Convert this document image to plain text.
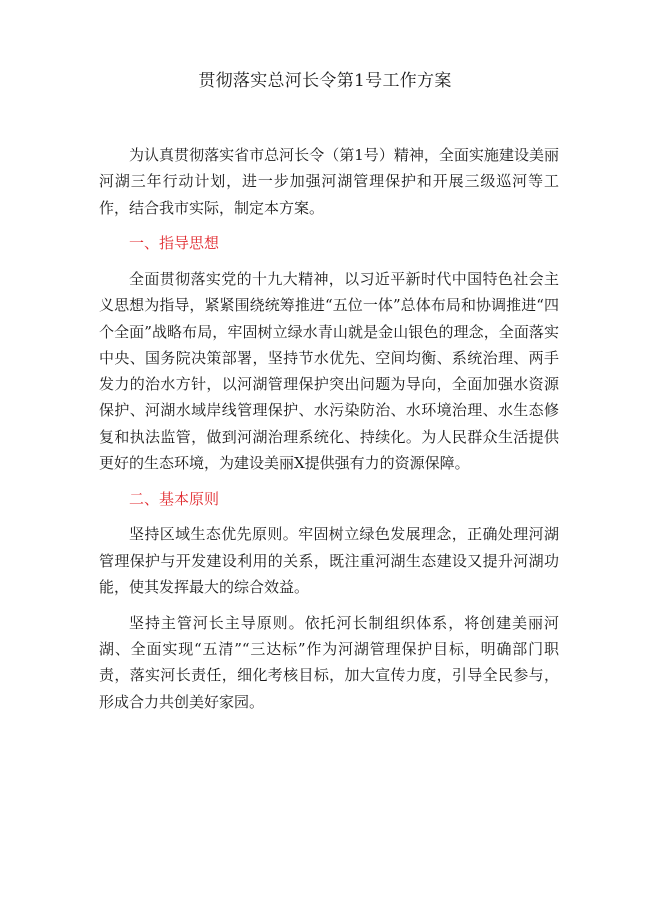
贯彻落实总河长令第1号工作方案

为认真贯彻落实省市总河长令（第1号）精神，全面实施建设美丽河湖三年行动计划，进一步加强河湖管理保护和开展三级巡河等工作，结合我市实际，制定本方案。

一、指导思想

全面贯彻落实党的十九大精神，以习近平新时代中国特色社会主义思想为指导，紧紧围绕统筹推进“五位一体”总体布局和协调推进“四个全面”战略布局，牢固树立绿水青山就是金山银色的理念，全面落实中央、国务院决策部署，坚持节水优先、空间均衡、系统治理、两手发力的治水方针，以河湖管理保护突出问题为导向，全面加强水资源保护、河湖水域岸线管理保护、水污染防治、水环境治理、水生态修复和执法监管，做到河湖治理系统化、持续化。为人民群众生活提供更好的生态环境，为建设美丽X提供强有力的资源保障。

二、基本原则

坚持区域生态优先原则。牢固树立绿色发展理念，正确处理河湖管理保护与开发建设利用的关系，既注重河湖生态建设又提升河湖功能，使其发挥最大的综合效益。

坚持主管河长主导原则。依托河长制组织体系，将创建美丽河湖、全面实现“五清”“三达标”作为河湖管理保护目标，明确部门职责，落实河长责任，细化考核目标，加大宣传力度，引导全民参与，形成合力共创美好家园。
